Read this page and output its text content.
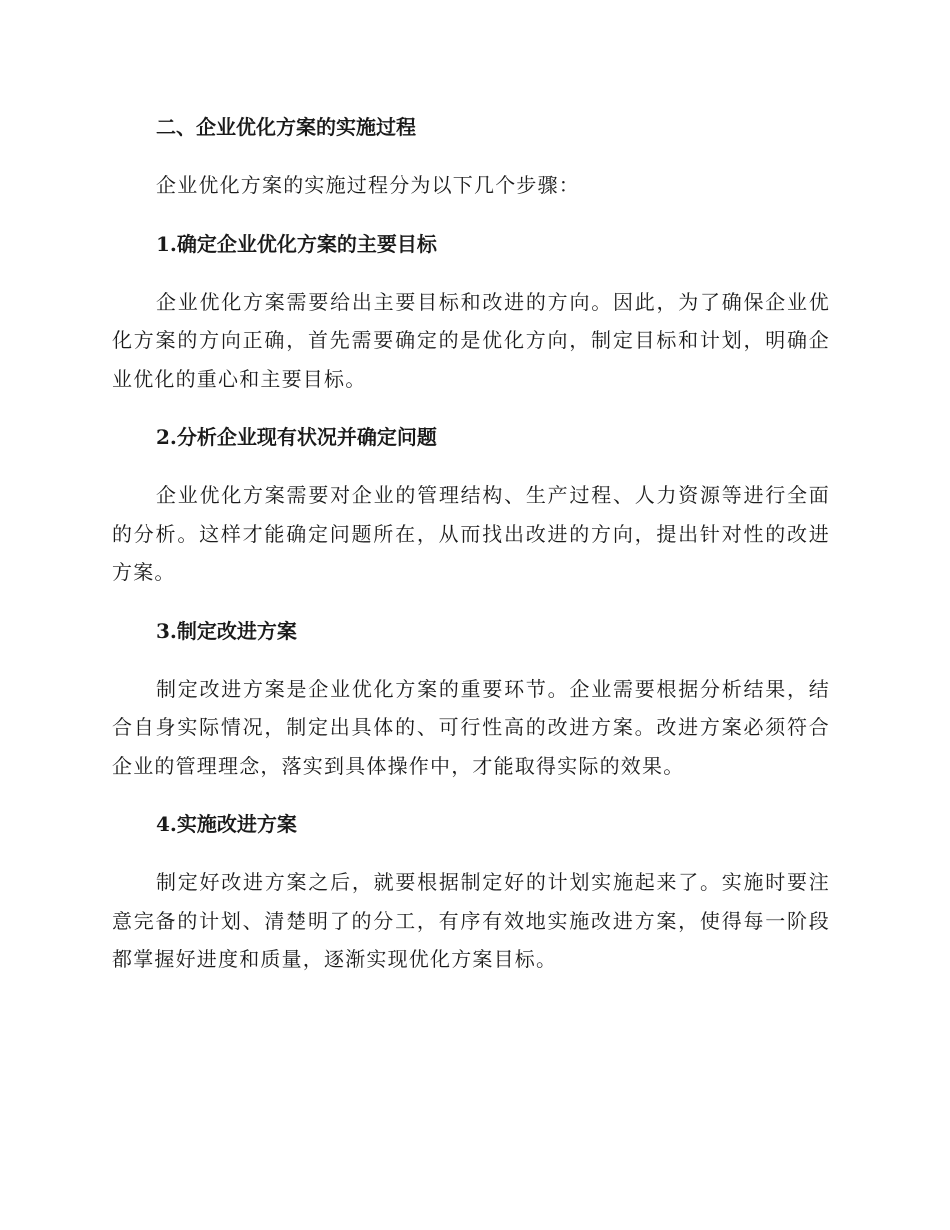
二、企业优化方案的实施过程
企业优化方案的实施过程分为以下几个步骤：
1.确定企业优化方案的主要目标
企业优化方案需要给出主要目标和改进的方向。因此，为了确保企业优化方案的方向正确，首先需要确定的是优化方向，制定目标和计划，明确企业优化的重心和主要目标。
2.分析企业现有状况并确定问题
企业优化方案需要对企业的管理结构、生产过程、人力资源等进行全面的分析。这样才能确定问题所在，从而找出改进的方向，提出针对性的改进方案。
3.制定改进方案
制定改进方案是企业优化方案的重要环节。企业需要根据分析结果，结合自身实际情况，制定出具体的、可行性高的改进方案。改进方案必须符合企业的管理理念，落实到具体操作中，才能取得实际的效果。
4.实施改进方案
制定好改进方案之后，就要根据制定好的计划实施起来了。实施时要注意完备的计划、清楚明了的分工，有序有效地实施改进方案，使得每一阶段都掌握好进度和质量，逐渐实现优化方案目标。
